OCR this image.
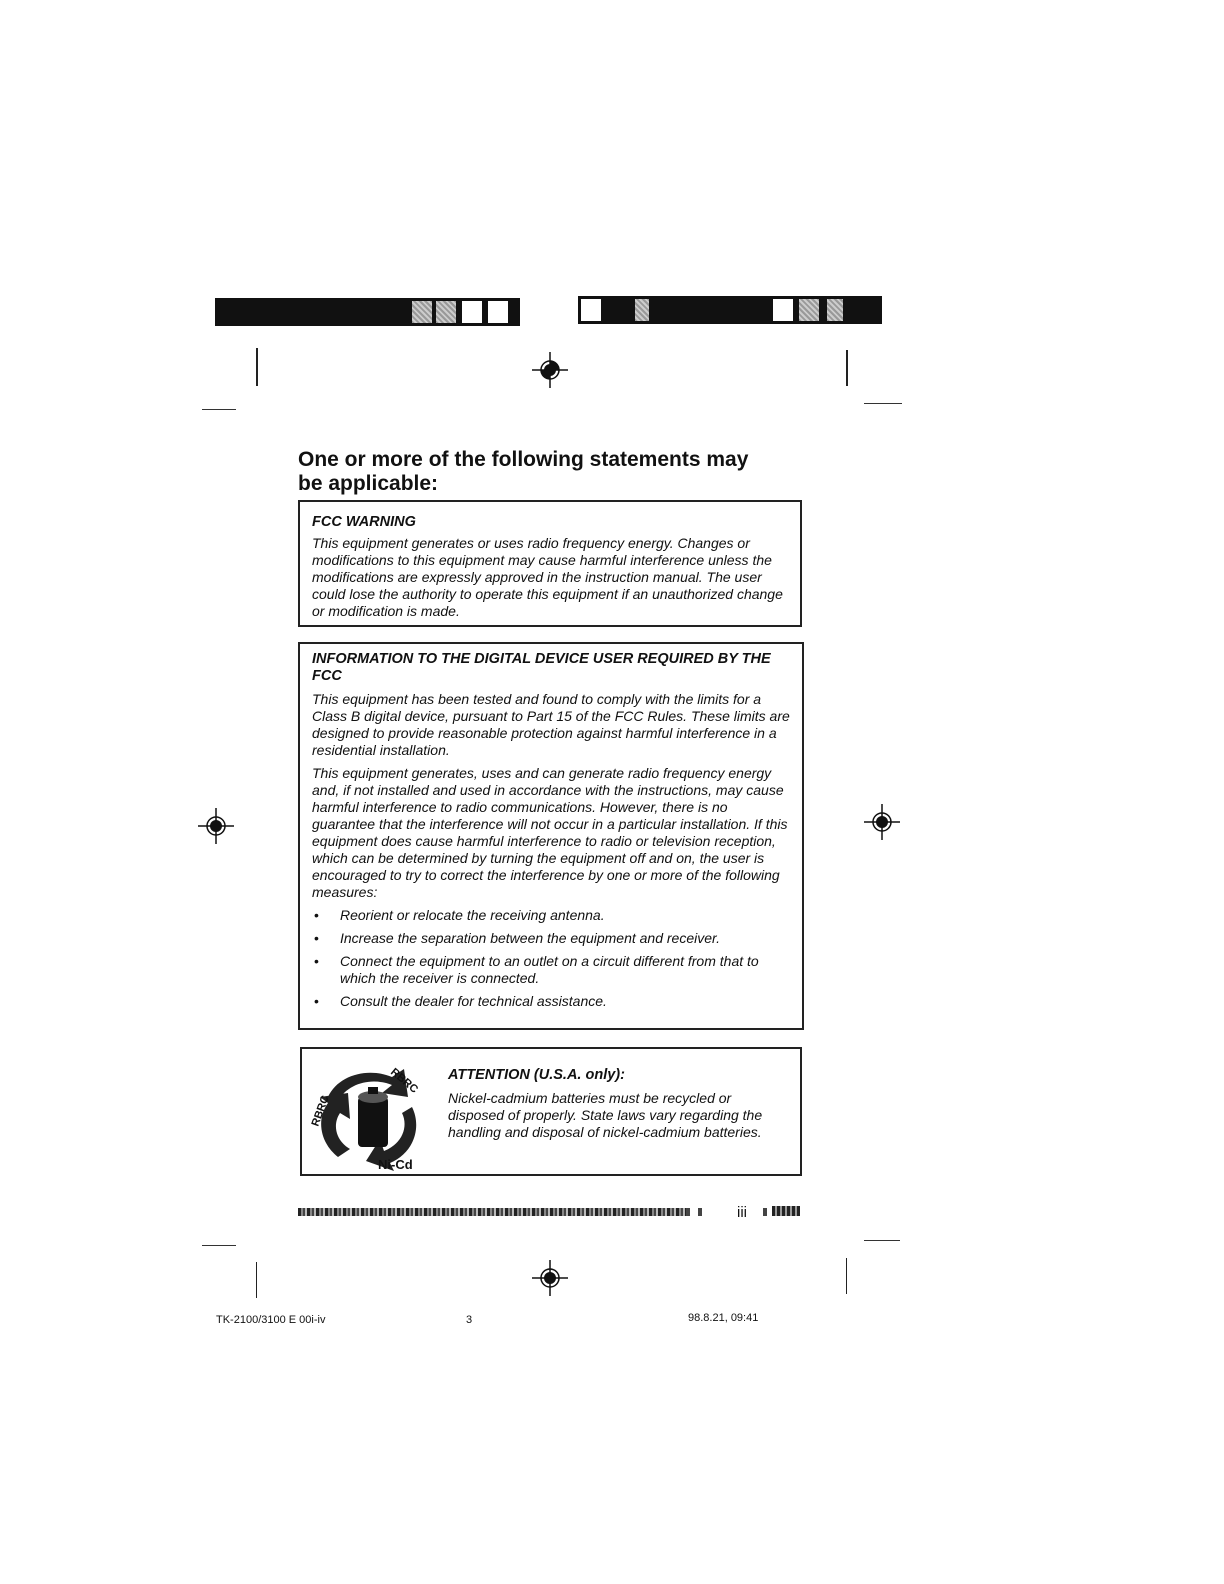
One or more of the following statements may be applicable:

FCC WARNING

This equipment generates or uses radio frequency energy. Changes or modifications to this equipment may cause harmful interference unless the modifications are expressly approved in the instruction manual. The user could lose the authority to operate this equipment if an unauthorized change or modification is made.

INFORMATION TO THE DIGITAL DEVICE USER REQUIRED BY THE FCC

This equipment has been tested and found to comply with the limits for a Class B digital device, pursuant to Part 15 of the FCC Rules. These limits are designed to provide reasonable protection against harmful interference in a residential installation.

This equipment generates, uses and can generate radio frequency energy and, if not installed and used in accordance with the instructions, may cause harmful interference to radio communications. However, there is no guarantee that the interference will not occur in a particular installation. If this equipment does cause harmful interference to radio or television reception, which can be determined by turning the equipment off and on, the user is encouraged to try to correct the interference by one or more of the following measures:

• Reorient or relocate the receiving antenna.
• Increase the separation between the equipment and receiver.
• Connect the equipment to an outlet on a circuit different from that to which the receiver is connected.
• Consult the dealer for technical assistance.
RBRC
RBRC
Ni-Cd

ATTENTION (U.S.A. only):

Nickel-cadmium batteries must be recycled or disposed of properly. State laws vary regarding the handling and disposal of nickel-cadmium batteries.

iii
TK-2100/3100 E 00i-iv	3	98.8.21, 09:41
